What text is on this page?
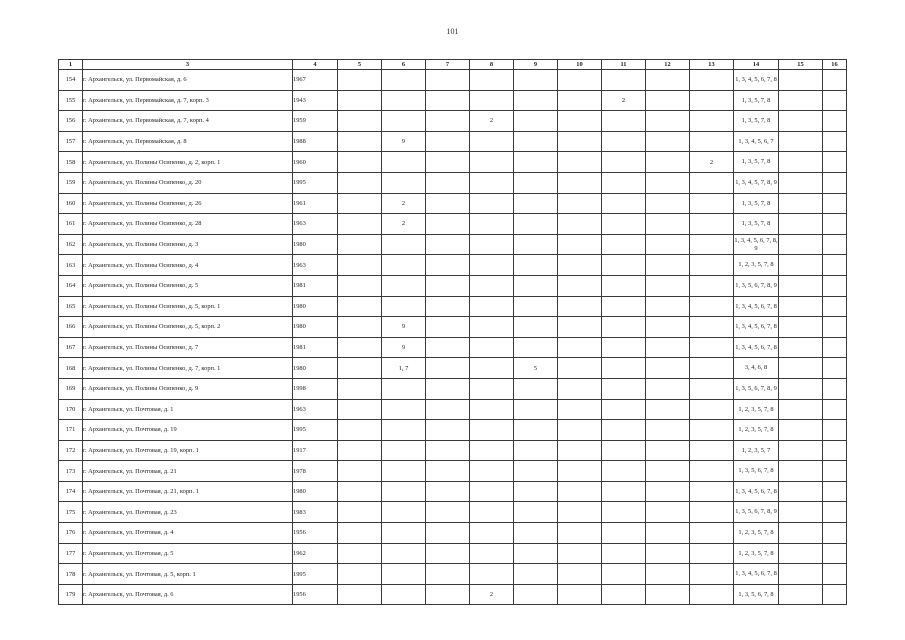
101
1	3	4	5	6	7	8	9	10	11	12	13	14	15	16
154	г. Архангельск, ул. Первомайская, д. 6	1967										1, 3, 4, 5, 6, 7, 8		
155	г. Архангельск, ул. Первомайская, д. 7, корп. 3	1943							2			1, 3, 5, 7, 8		
156	г. Архангельск, ул. Первомайская, д. 7, корп. 4	1959				2						1, 3, 5, 7, 8		
157	г. Архангельск, ул. Первомайская, д. 8	1988		9								1, 3, 4, 5, 6, 7		
158	г. Архангельск, ул. Полины Осипенко, д. 2, корп. 1	1960									2	1, 3, 5, 7, 8		
159	г. Архангельск, ул. Полины Осипенко, д. 20	1995										1, 3, 4, 5, 7, 8, 9		
160	г. Архангельск, ул. Полины Осипенко, д. 26	1961		2								1, 3, 5, 7, 8		
161	г. Архангельск, ул. Полины Осипенко, д. 28	1963		2								1, 3, 5, 7, 8		
162	г. Архангельск, ул. Полины Осипенко, д. 3	1980										1, 3, 4, 5, 6, 7, 8, 9		
163	г. Архангельск, ул. Полины Осипенко, д. 4	1963										1, 2, 3, 5, 7, 8		
164	г. Архангельск, ул. Полины Осипенко, д. 5	1981										1, 3, 5, 6, 7, 8, 9		
165	г. Архангельск, ул. Полины Осипенко, д. 5, корп. 1	1980										1, 3, 4, 5, 6, 7, 8		
166	г. Архангельск, ул. Полины Осипенко, д. 5, корп. 2	1980		9								1, 3, 4, 5, 6, 7, 8		
167	г. Архангельск, ул. Полины Осипенко, д. 7	1981		9								1, 3, 4, 5, 6, 7, 8		
168	г. Архангельск, ул. Полины Осипенко, д. 7, корп. 1	1980		1, 7			5					3, 4, 6, 8		
169	г. Архангельск, ул. Полины Осипенко, д. 9	1998										1, 3, 5, 6, 7, 8, 9		
170	г. Архангельск, ул. Почтовая, д. 1	1963										1, 2, 3, 5, 7, 8		
171	г. Архангельск, ул. Почтовая, д. 19	1995										1, 2, 3, 5, 7, 8		
172	г. Архангельск, ул. Почтовая, д. 19, корп. 1	1917										1, 2, 3, 5, 7		
173	г. Архангельск, ул. Почтовая, д. 21	1978										1, 3, 5, 6, 7, 8		
174	г. Архангельск, ул. Почтовая, д. 21, корп. 1	1980										1, 3, 4, 5, 6, 7, 8		
175	г. Архангельск, ул. Почтовая, д. 23	1983										1, 3, 5, 6, 7, 8, 9		
176	г. Архангельск, ул. Почтовая, д. 4	1956										1, 2, 3, 5, 7, 8		
177	г. Архангельск, ул. Почтовая, д. 5	1962										1, 2, 3, 5, 7, 8		
178	г. Архангельск, ул. Почтовая, д. 5, корп. 1	1995										1, 3, 4, 5, 6, 7, 8		
179	г. Архангельск, ул. Почтовая, д. 6	1956				2						1, 3, 5, 6, 7, 8		
